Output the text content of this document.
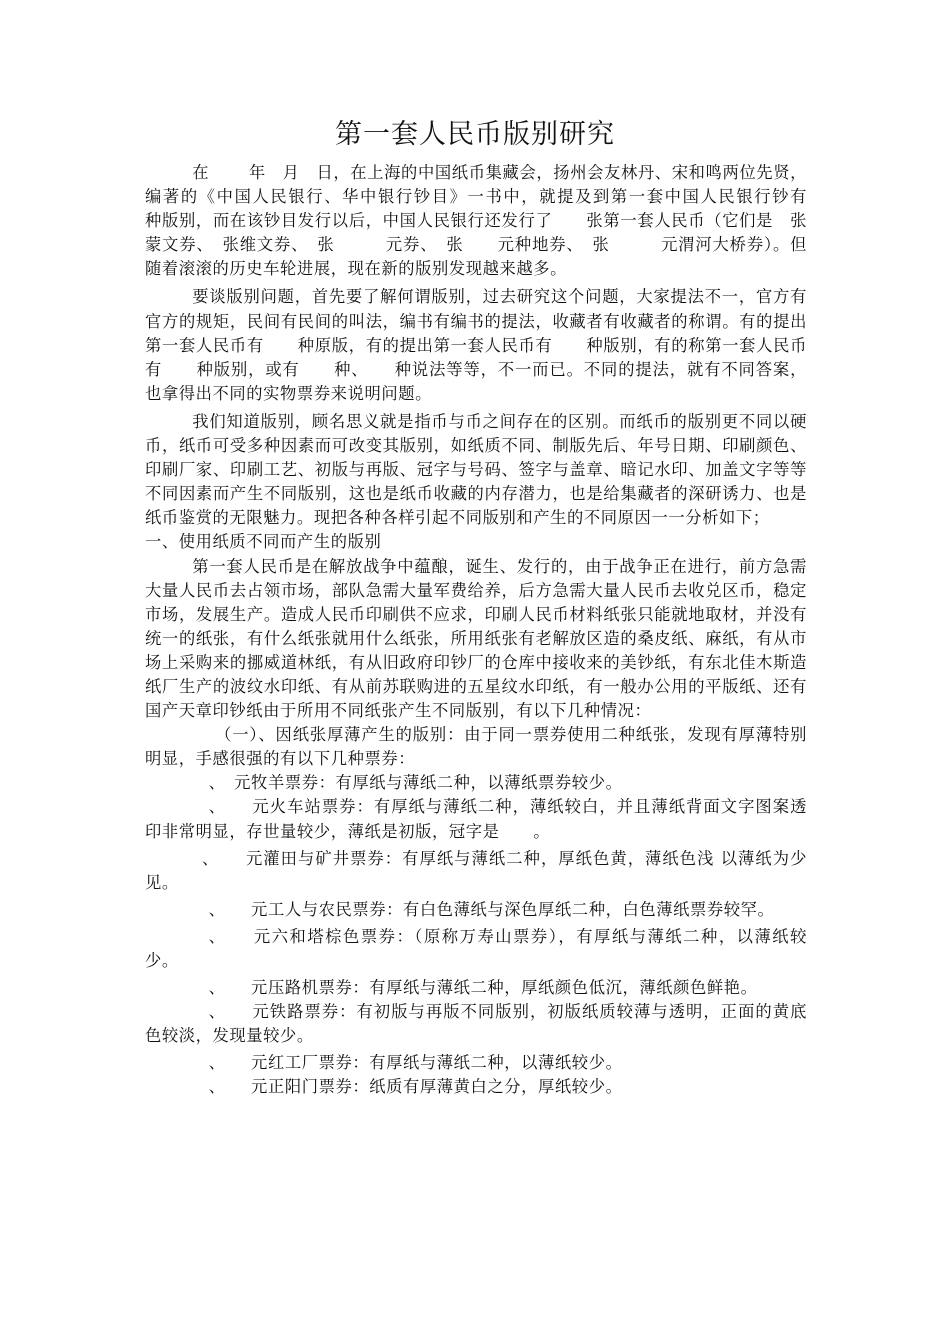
第一套人民币版别研究

在　　 年　月　日，在上海的中国纸币集藏会，扬州会友林丹、宋和鸣两位先贤，编著的《中国人民银行、华中银行钞目》一书中，就提及到第一套中国人民银行钞有　　种版别，而在该钞目发行以后，中国人民银行还发行了　　张第一套人民币（它们是　张蒙文券、　张维文券、　张　　　元券、　张　　元种地券、　张　　　元渭河大桥券）。但随着滚滚的历史车轮进展，现在新的版别发现越来越多。

要谈版别问题，首先要了解何谓版别，过去研究这个问题，大家提法不一，官方有官方的规矩，民间有民间的叫法，编书有编书的提法，收藏者有收藏者的称谓。有的提出第一套人民币有　　种原版，有的提出第一套人民币有　　种版别，有的称第一套人民币有　　种版别，或有　　种、　　种说法等等，不一而已。不同的提法，就有不同答案，也拿得出不同的实物票券来说明问题。

我们知道版别，顾名思义就是指币与币之间存在的区别。而纸币的版别更不同以硬币，纸币可受多种因素而可改变其版别，如纸质不同、制版先后、年号日期、印刷颜色、印刷厂家、印刷工艺、初版与再版、冠字与号码、签字与盖章、暗记水印、加盖文字等等不同因素而产生不同版别，这也是纸币收藏的内存潜力，也是给集藏者的深研诱力、也是纸币鉴赏的无限魅力。现把各种各样引起不同版别和产生的不同原因一一分析如下；

一、使用纸质不同而产生的版别

第一套人民币是在解放战争中蕴酿，诞生、发行的，由于战争正在进行，前方急需大量人民币去占领市场，部队急需大量军费给养，后方急需大量人民币去收兑区币，稳定市场，发展生产。造成人民币印刷供不应求，印刷人民币材料纸张只能就地取材，并没有统一的纸张，有什么纸张就用什么纸张，所用纸张有老解放区造的桑皮纸、麻纸，有从市场上采购来的挪威道林纸，有从旧政府印钞厂的仓库中接收来的美钞纸，有东北佳木斯造纸厂生产的波纹水印纸、有从前苏联购进的五星纹水印纸，有一般办公用的平版纸、还有国产天章印钞纸由于所用不同纸张产生不同版别，有以下几种情况：

（一）、因纸张厚薄产生的版别：由于同一票券使用二种纸张，发现有厚薄特别明显，手感很强的有以下几种票券：

、　元牧羊票券：有厚纸与薄纸二种，以薄纸票券较少。

、　　元火车站票券：有厚纸与薄纸二种，薄纸较白，并且薄纸背面文字图案透印非常明显，存世量较少，薄纸是初版，冠字是　　。

、　　元灌田与矿井票券：有厚纸与薄纸二种，厚纸色黄，薄纸色浅 以薄纸为少见。

、　　元工人与农民票券：有白色薄纸与深色厚纸二种，白色薄纸票券较罕。

、　　元六和塔棕色票券：（原称万寿山票券），有厚纸与薄纸二种，以薄纸较少。

、　　元压路机票券：有厚纸与薄纸二种，厚纸颜色低沉，薄纸颜色鲜艳。

、　　元铁路票券：有初版与再版不同版别，初版纸质较薄与透明，正面的黄底色较淡，发现量较少。

、　　元红工厂票券：有厚纸与薄纸二种，以薄纸较少。

、　　元正阳门票券：纸质有厚薄黄白之分，厚纸较少。
